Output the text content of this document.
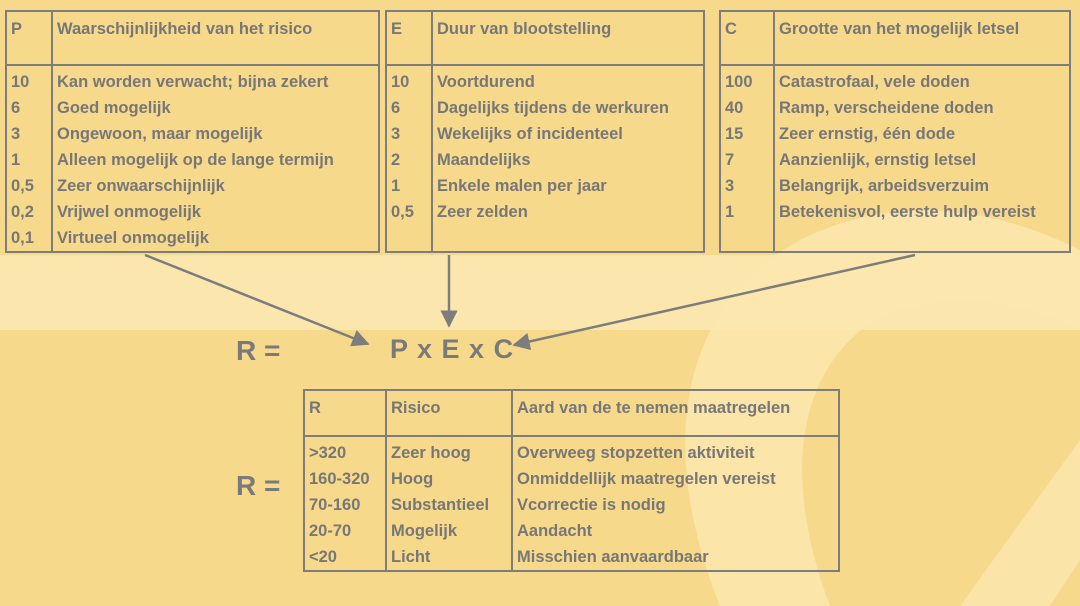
P	Waarschijnlijkheid van het risico
10	Kan worden verwacht; bijna zekert
6	Goed mogelijk
3	Ongewoon, maar mogelijk
1	Alleen mogelijk op de lange termijn
0,5	Zeer onwaarschijnlijk
0,2	Vrijwel onmogelijk
0,1	Virtueel onmogelijk
E	Duur van blootstelling
10	Voortdurend
6	Dagelijks tijdens de werkuren
3	Wekelijks of incidenteel
2	Maandelijks
1	Enkele malen per jaar
0,5	Zeer zelden

C	Grootte van het mogelijk letsel
100	Catastrofaal, vele doden
40	Ramp, verscheidene doden
15	Zeer ernstig, één dode
7	Aanzienlijk, ernstig letsel
3	Belangrijk, arbeidsverzuim
1	Betekenisvol, eerste hulp vereist

R =	P x E x C
R =
R	Risico	Aard van de te nemen maatregelen
>320	Zeer hoog	Overweeg stopzetten aktiviteit
160-320	Hoog	Onmiddellijk maatregelen vereist
70-160	Substantieel	Vcorrectie is nodig
20-70	Mogelijk	Aandacht
<20	Licht	Misschien aanvaardbaar
